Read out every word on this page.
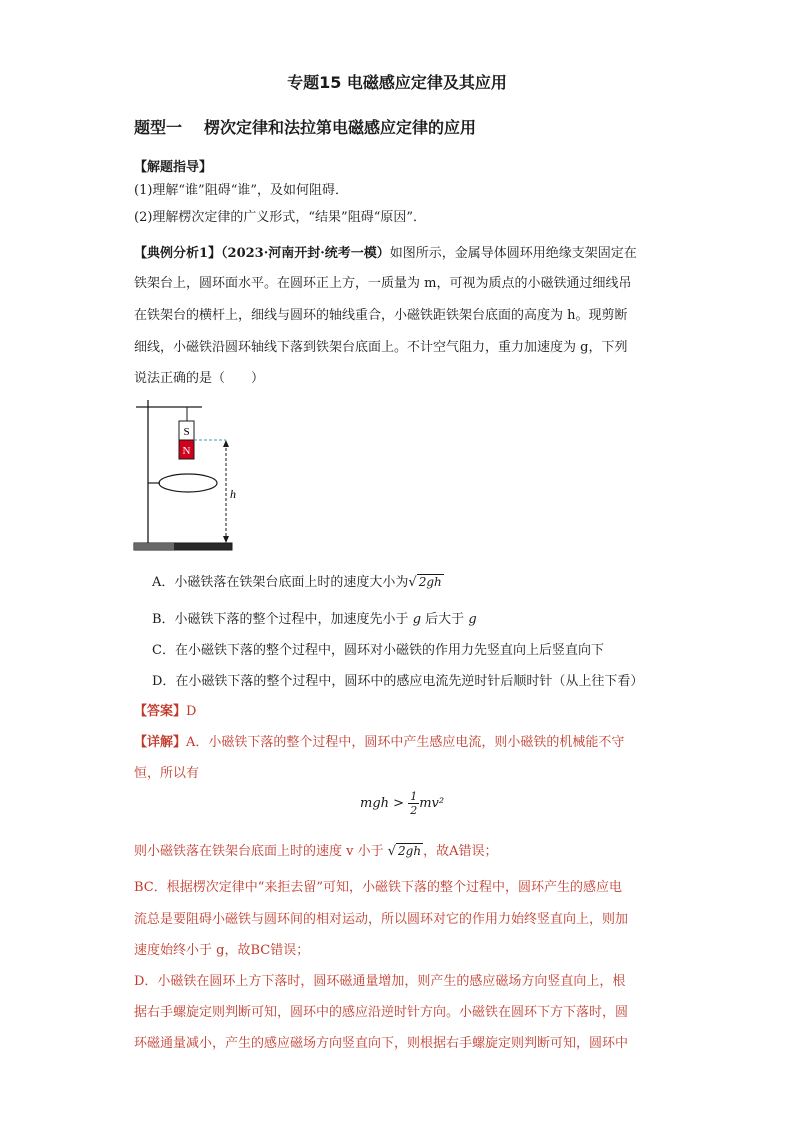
专题15 电磁感应定律及其应用
题型一 楞次定律和法拉第电磁感应定律的应用
【解题指导】
(1)理解“谁”阻碍“谁”，及如何阻碍．
(2)理解楞次定律的广义形式，“结果”阻碍“原因”．
【典例分析1】（2023·河南开封·统考一模）如图所示，金属导体圆环用绝缘支架固定在
铁架台上，圆环面水平。在圆环正上方，一质量为 m，可视为质点的小磁铁通过细线吊
在铁架台的横杆上，细线与圆环的轴线重合，小磁铁距铁架台底面的高度为 h。现剪断
细线，小磁铁沿圆环轴线下落到铁架台底面上。不计空气阻力，重力加速度为 g，下列
说法正确的是（　　）
S
N
h
A．小磁铁落在铁架台底面上时的速度大小为√ 2gh
B．小磁铁下落的整个过程中，加速度先小于 g 后大于 g
C．在小磁铁下落的整个过程中，圆环对小磁铁的作用力先竖直向上后竖直向下
D．在小磁铁下落的整个过程中，圆环中的感应电流先逆时针后顺时针（从上往下看）
【答案】D
【详解】A．小磁铁下落的整个过程中，圆环中产生感应电流，则小磁铁的机械能不守
恒，所以有
mgh > $\frac{1}{2} mv^2$
则小磁铁落在铁架台底面上时的速度 v 小于 √ 2gh ，故A错误；
BC．根据楞次定律中“来拒去留”可知，小磁铁下落的整个过程中，圆环产生的感应电
流总是要阻碍小磁铁与圆环间的相对运动，所以圆环对它的作用力始终竖直向上，则加
速度始终小于 g，故BC错误；
D．小磁铁在圆环上方下落时，圆环磁通量增加，则产生的感应磁场方向竖直向上，根
据右手螺旋定则判断可知，圆环中的感应沿逆时针方向。小磁铁在圆环下方下落时，圆
环磁通量减小，产生的感应磁场方向竖直向下，则根据右手螺旋定则判断可知，圆环中
